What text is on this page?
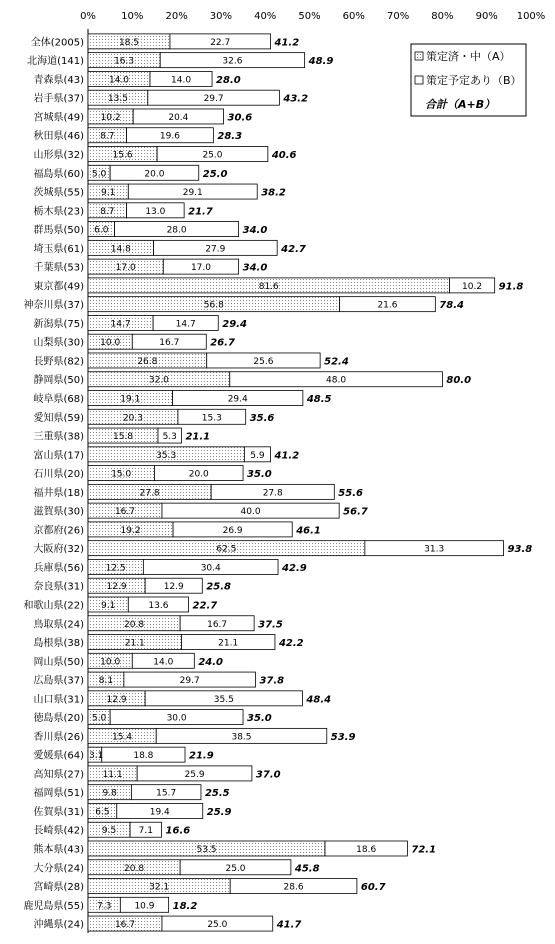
0%	10% 20% 30% 40% 50% 60% 70% 80% 90% 100%
全体(2005)	18.5	22.7	41.2
北海道(141)	16.3	32.6	48.9
青森県(43)	14.0	14.0 28.0
岩手県(37)	13.5	29.7	43.2
宮城県(49) 10.2	20.4	30.6
秋田県(46) 8.7	19.6	28.3
山形県(32)	15.6	25.0	40.6
福島県(60) 5.0	20.0	25.0
茨城県(55) 9.1	29.1	38.2
栃木県(23) 8.7	13.0 21.7
群馬県(50) 6.0	28.0	34.0
埼玉県(61)	14.8	27.9	42.7
千葉県(53)	17.0	17.0	34.0
東京都(49)	81.6	10.2 91.8
神奈川県(37)	56.8	21.6	78.4
新潟県(75)	14.7	14.7	29.4
山梨県(30) 10.0	16.7	26.7
長野県(82)	26.8	25.6	52.4
静岡県(50)	32.0	48.0	80.0
岐阜県(68)	19.1	29.4	48.5
愛知県(59)	20.3	15.3	35.6
三重県(38)	15.8	5.3 21.1
富山県(17)	35.3	5.9 41.2
石川県(20)	15.0	20.0	35.0
福井県(18)	27.8	27.8	55.6
滋賀県(30)	16.7	40.0	56.7
京都府(26)	19.2	26.9	46.1
大阪府(32)	62.5	31.3	93.8
兵庫県(56) 12.5	30.4	42.9
奈良県(31)	12.9	12.9 25.8
和歌山県(22) 9.1	13.6 22.7
鳥取県(24)	20.8	16.7	37.5
島根県(38)	21.1	21.1	42.2
岡山県(50) 10.0	14.0 24.0
広島県(37) 8.1	29.7	37.8
山口県(31)	12.9	35.5	48.4
徳島県(20) 5.0	30.0	35.0
香川県(26)	15.4	38.5	53.9
愛媛県(64) 3.1	18.8	21.9
高知県(27) 11.1	25.9	37.0
福岡県(51) 9.8	15.7	25.5
佐賀県(31) 6.5	19.4	25.9
長崎県(42) 9.5 7.1 16.6
熊本県(43)	53.5	18.6	72.1
大分県(24)	20.8	25.0	45.8
宮崎県(28)	32.1	28.6	60.7
鹿児島県(55) 7.3	10.9 18.2
沖縄県(24)	16.7	25.0	41.7
策定済・中（A）
策定予定あり（B）
合計（A+B）
